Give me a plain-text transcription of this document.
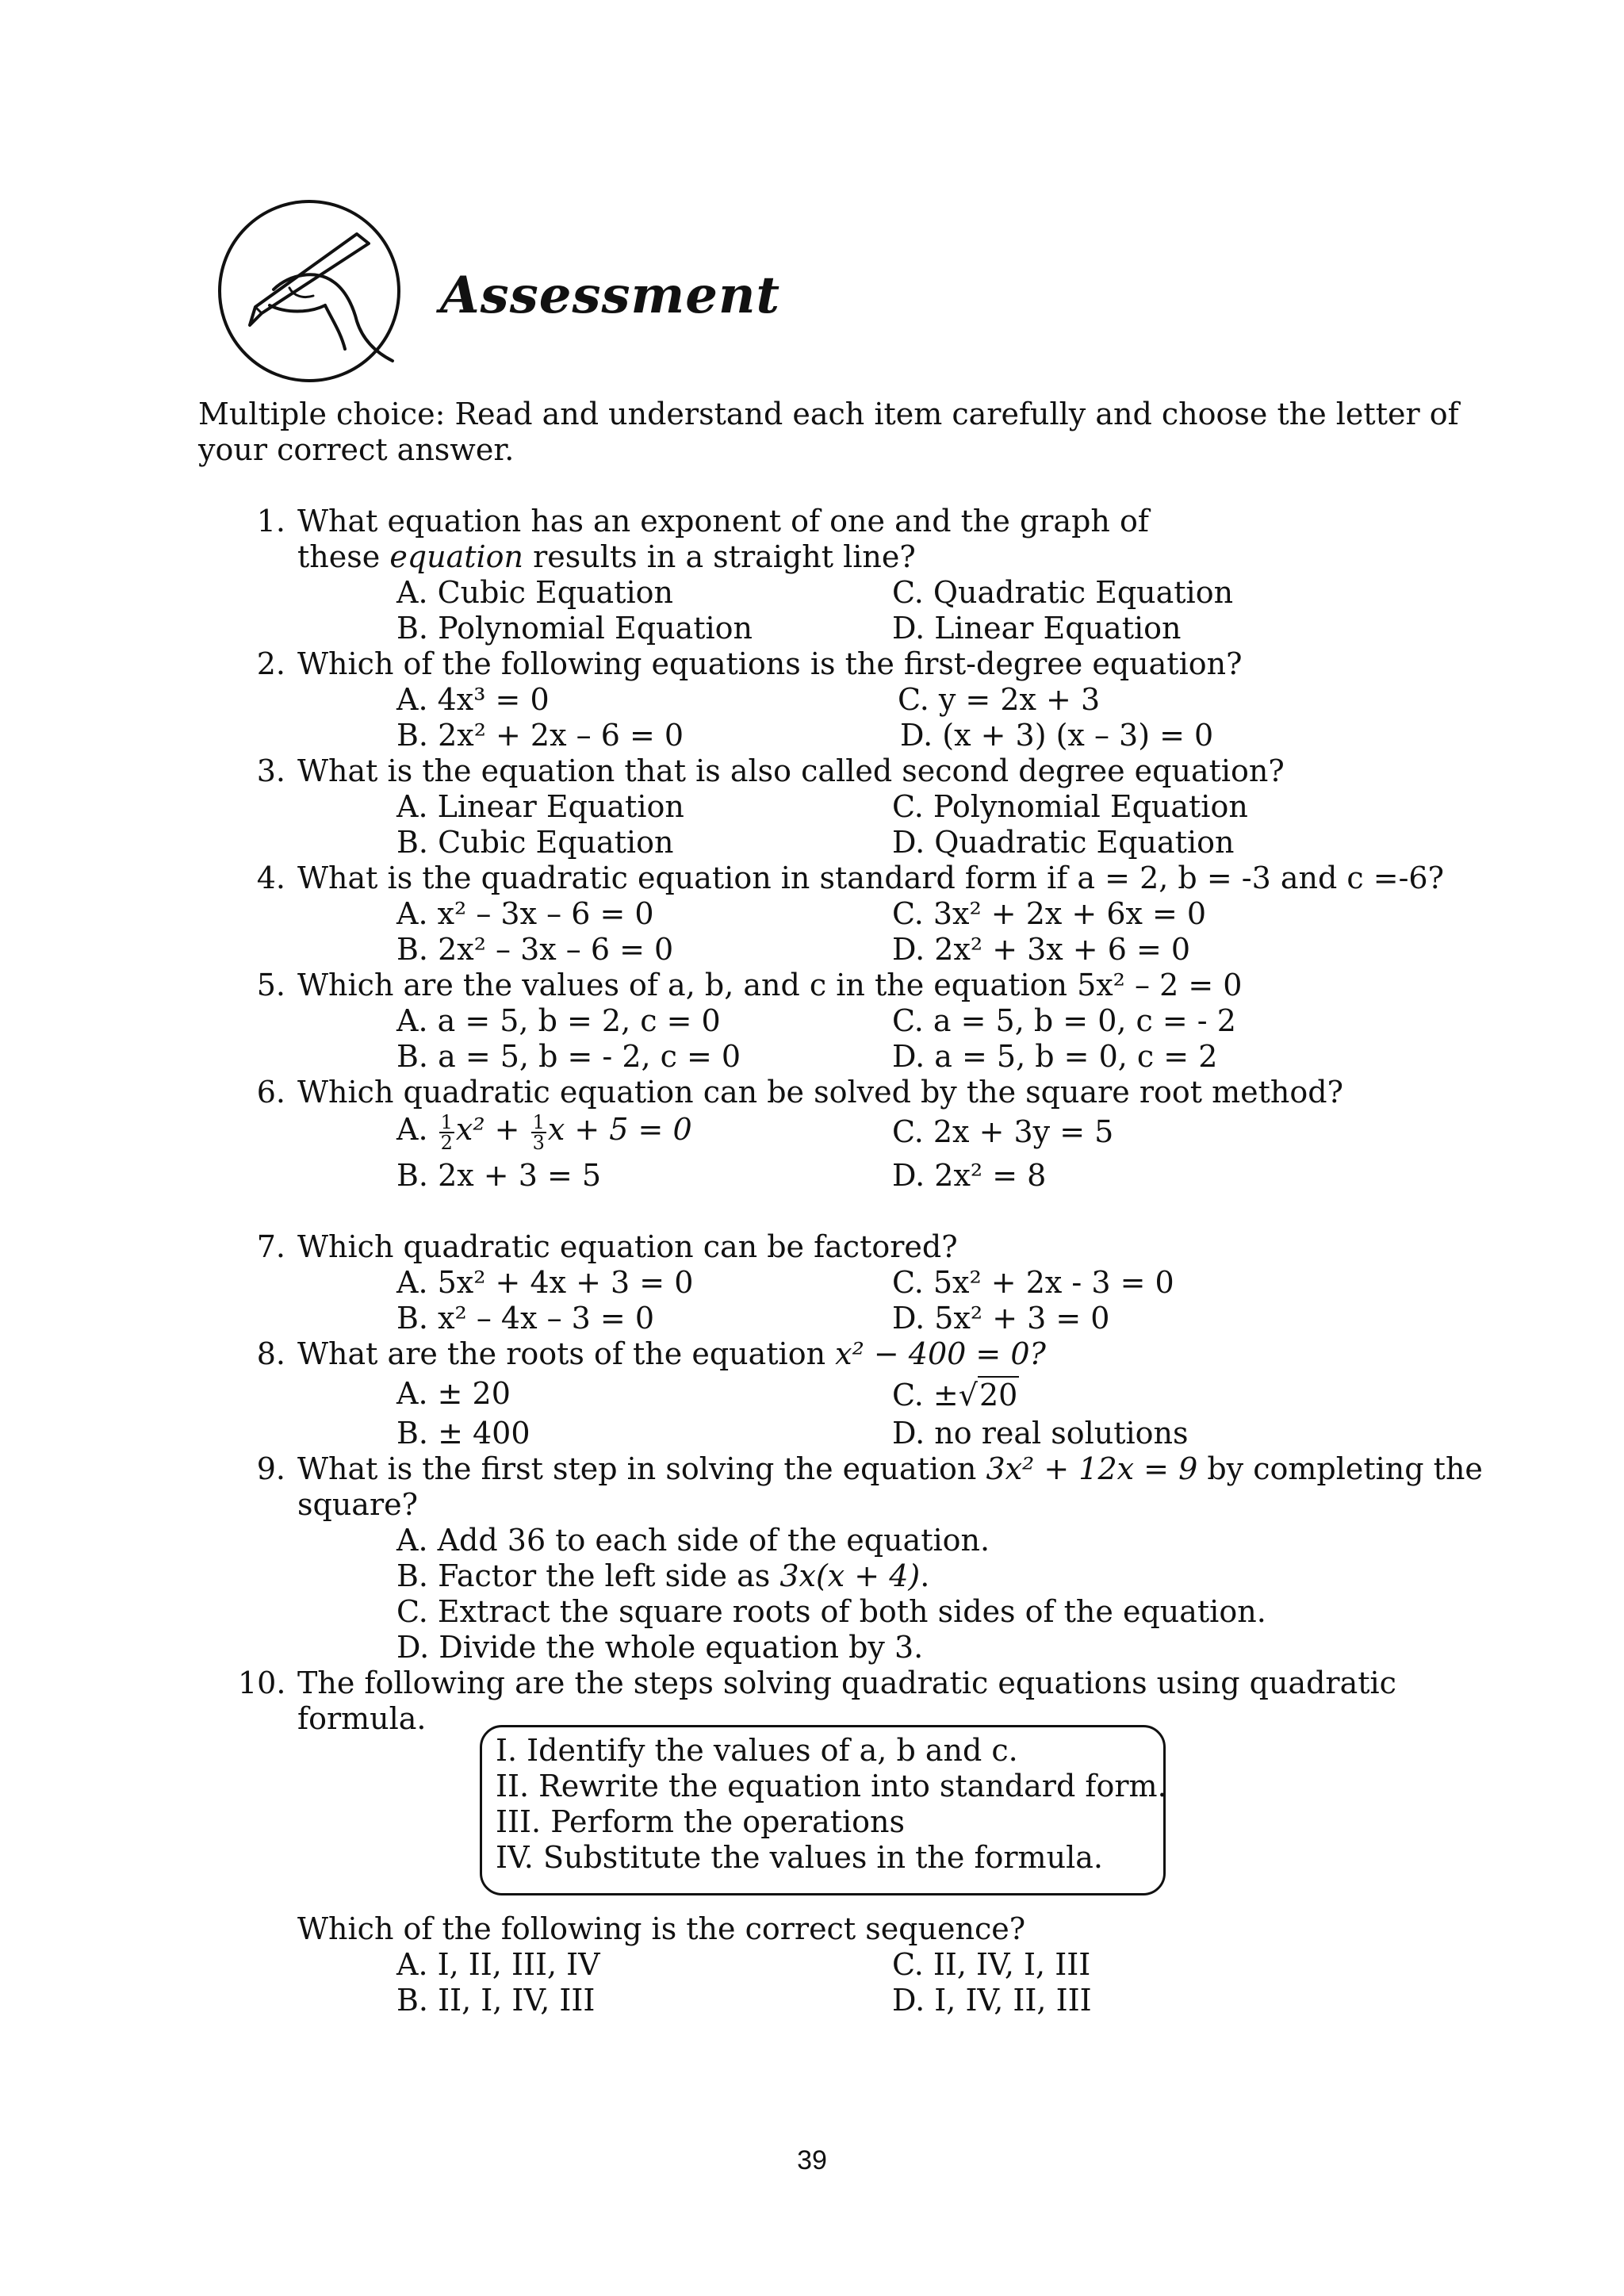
Assessment
Multiple choice: Read and understand each item carefully and choose the letter of
your correct answer.
1. What equation has an exponent of one and the graph of
these equation results in a straight line?
A. Cubic Equation	C. Quadratic Equation
B. Polynomial Equation	D. Linear Equation
2. Which of the following equations is the first-degree equation?
A. 4x³ = 0	C. y = 2x + 3
B. 2x² + 2x – 6 = 0	D. (x + 3) (x – 3) = 0
3. What is the equation that is also called second degree equation?
A. Linear Equation	C. Polynomial Equation
B. Cubic Equation	D. Quadratic Equation
4. What is the quadratic equation in standard form if a = 2, b = -3 and c =-6?
A. x² – 3x – 6 = 0	C. 3x² + 2x + 6x = 0
B. 2x² – 3x – 6 = 0	D. 2x² + 3x + 6 = 0
5. Which are the values of a, b, and c in the equation 5x² – 2 = 0
A. a = 5, b = 2, c = 0	C. a = 5, b = 0, c = - 2
B. a = 5, b = - 2, c = 0	D. a = 5, b = 0, c = 2
6. Which quadratic equation can be solved by the square root method?
A. $\frac{1}{2} x^2 + \frac{1}{3}$ x + 5 = 0	C. 2x + 3y = 5
B. 2x + 3 = 5	D. 2x² = 8
7. Which quadratic equation can be factored?
A. 5x² + 4x + 3 = 0	C. 5x² + 2x - 3 = 0
B. x² – 4x – 3 = 0	D. 5x² + 3 = 0
8. What are the roots of the equation x² − 400 = 0?
A. ± 20	C. ±√20
B. ± 400	D. no real solutions
9. What is the first step in solving the equation 3x² + 12x = 9 by completing the
square?
A. Add 36 to each side of the equation.
B. Factor the left side as 3x(x + 4).
C. Extract the square roots of both sides of the equation.
D. Divide the whole equation by 3.
10. The following are the steps solving quadratic equations using quadratic
formula.
I. Identify the values of a, b and c.
II. Rewrite the equation into standard form.
III. Perform the operations
IV. Substitute the values in the formula.
Which of the following is the correct sequence?
A. I, II, III, IV	C. II, IV, I, III
B. II, I, IV, III	D. I, IV, II, III
39
